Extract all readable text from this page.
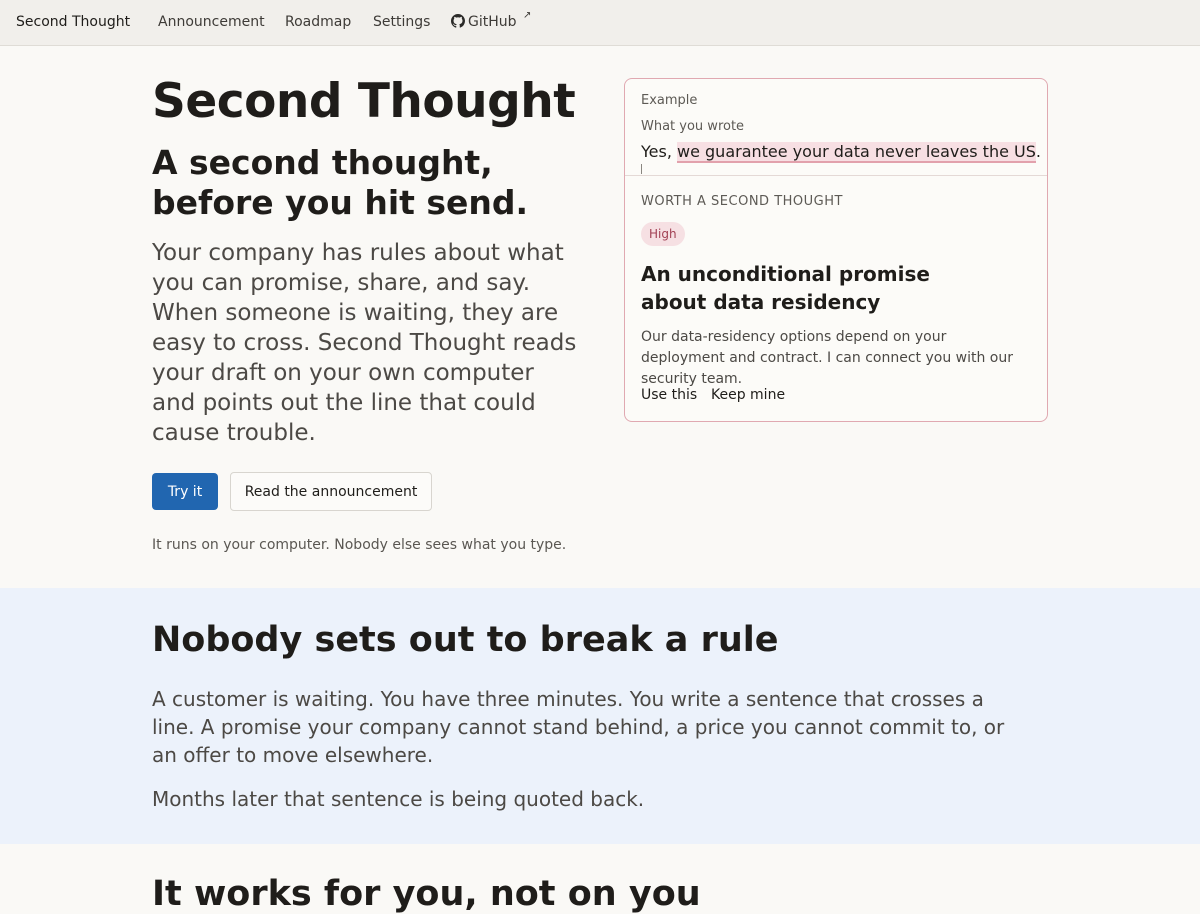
Second Thought Announcement Roadmap Settings	GitHub ↗
Second Thought
A second thought, before you hit send.

Your company has rules about what you can promise, share, and say. When someone is waiting, they are easy to cross. Second Thought reads your draft on your own computer and points out the line that could cause trouble.

Try it	Read the announcement

It runs on your computer. Nobody else sees what you type.

Example
What you wrote
Yes, we guarantee your data never leaves the US.
WORTH A SECOND THOUGHT
High
An unconditional promise about data residency

Our data-residency options depend on your deployment and contract. I can connect you with our security team.

Use this Keep mine
Nobody sets out to break a rule

A customer is waiting. You have three minutes. You write a sentence that crosses a line. A promise your company cannot stand behind, a price you cannot commit to, or an offer to move elsewhere.

Months later that sentence is being quoted back.

It works for you, not on you
